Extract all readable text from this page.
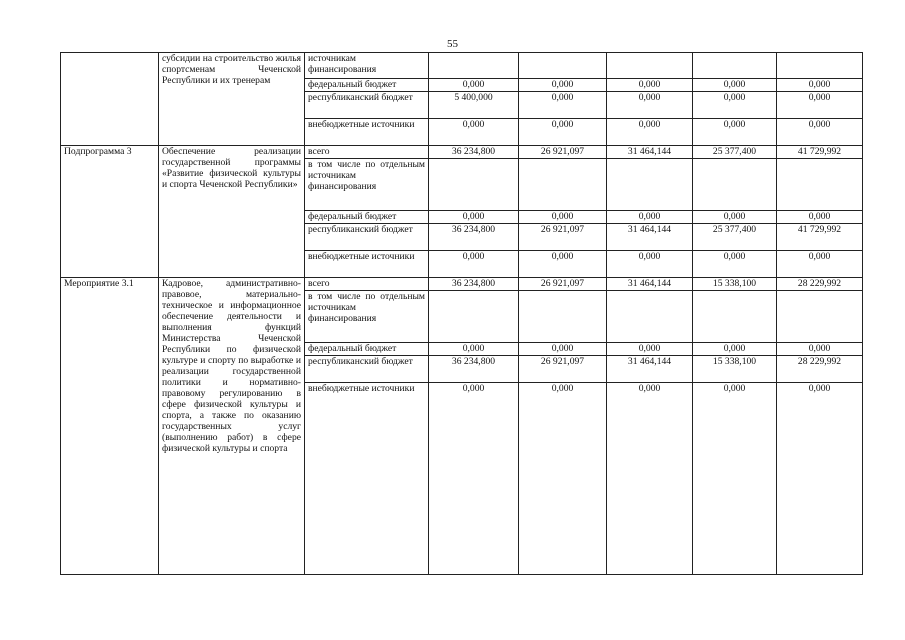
55
	субсидии на строительство жилья спортсменам Чеченской Республики и их тренерам	источникам финансирования					
		федеральный бюджет	0,000	0,000	0,000	0,000	0,000
		республиканский бюджет	5 400,000	0,000	0,000	0,000	0,000
		внебюджетные источники	0,000	0,000	0,000	0,000	0,000
Подпрограмма 3	Обеспечение реализации государственной программы «Развитие физической культуры и спорта Чеченской Республики»	всего	36 234,800	26 921,097	31 464,144	25 377,400	41 729,992
		в том числе по отдельным источникам финансирования					
		федеральный бюджет	0,000	0,000	0,000	0,000	0,000
		республиканский бюджет	36 234,800	26 921,097	31 464,144	25 377,400	41 729,992
		внебюджетные источники	0,000	0,000	0,000	0,000	0,000
Мероприятие 3.1	Кадровое, административно-правовое, материально-техническое и информационное обеспечение деятельности и выполнения функций Министерства Чеченской Республики по физической культуре и спорту по выработке и реализации государственной политики и нормативно-правовому регулированию в сфере физической культуры и спорта, а также по оказанию государственных услуг (выполнению работ) в сфере физической культуры и спорта	всего	36 234,800	26 921,097	31 464,144	15 338,100	28 229,992
		в том числе по отдельным источникам финансирования					
		федеральный бюджет	0,000	0,000	0,000	0,000	0,000
		республиканский бюджет	36 234,800	26 921,097	31 464,144	15 338,100	28 229,992
		внебюджетные источники	0,000	0,000	0,000	0,000	0,000
